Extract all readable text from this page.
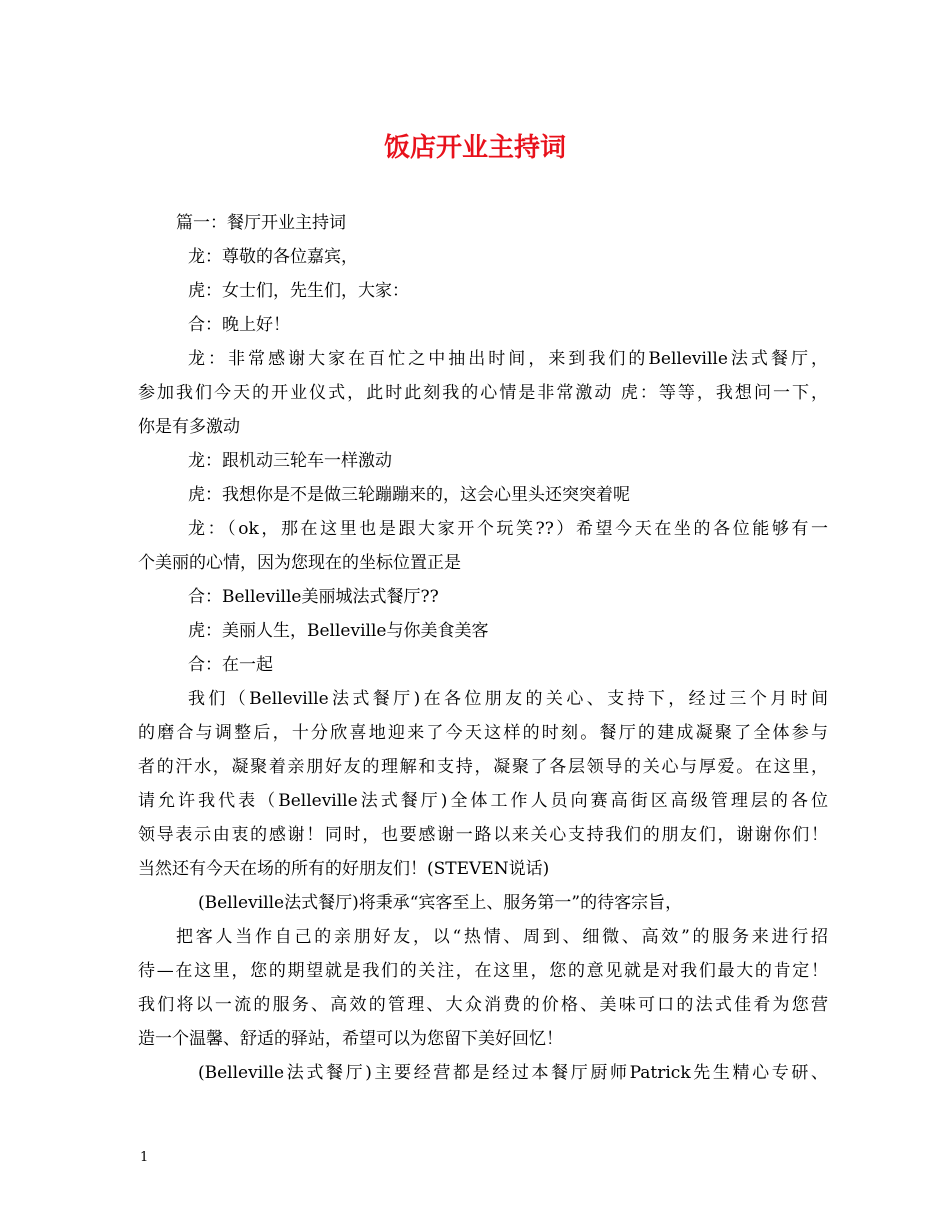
饭店开业主持词
篇一：餐厅开业主持词
龙：尊敬的各位嘉宾，
虎：女士们，先生们，大家：
合：晚上好！
龙：非常感谢大家在百忙之中抽出时间，来到我们的Belleville法式餐厅，
参加我们今天的开业仪式，此时此刻我的心情是非常激动 虎：等等，我想问一下，
你是有多激动
龙：跟机动三轮车一样激动
虎：我想你是不是做三轮蹦蹦来的，这会心里头还突突着呢
龙：（ok，那在这里也是跟大家开个玩笑??）希望今天在坐的各位能够有一
个美丽的心情，因为您现在的坐标位置正是
合：Belleville美丽城法式餐厅??
虎：美丽人生，Belleville与你美食美客
合：在一起
我们（Belleville法式餐厅)在各位朋友的关心、支持下，经过三个月时间
的磨合与调整后，十分欣喜地迎来了今天这样的时刻。餐厅的建成凝聚了全体参与
者的汗水，凝聚着亲朋好友的理解和支持，凝聚了各层领导的关心与厚爱。在这里，
请允许我代表（Belleville法式餐厅)全体工作人员向赛高街区高级管理层的各位
领导表示由衷的感谢！同时，也要感谢一路以来关心支持我们的朋友们，谢谢你们！
当然还有今天在场的所有的好朋友们！(STEVEN说话)
(Belleville法式餐厅)将秉承“宾客至上、服务第一”的待客宗旨，
把客人当作自己的亲朋好友，以“热情、周到、细微、高效”的服务来进行招
待—在这里，您的期望就是我们的关注，在这里，您的意见就是对我们最大的肯定！
我们将以一流的服务、高效的管理、大众消费的价格、美味可口的法式佳肴为您营
造一个温馨、舒适的驿站，希望可以为您留下美好回忆！
(Belleville法式餐厅)主要经营都是经过本餐厅厨师Patrick先生精心专研、
1
